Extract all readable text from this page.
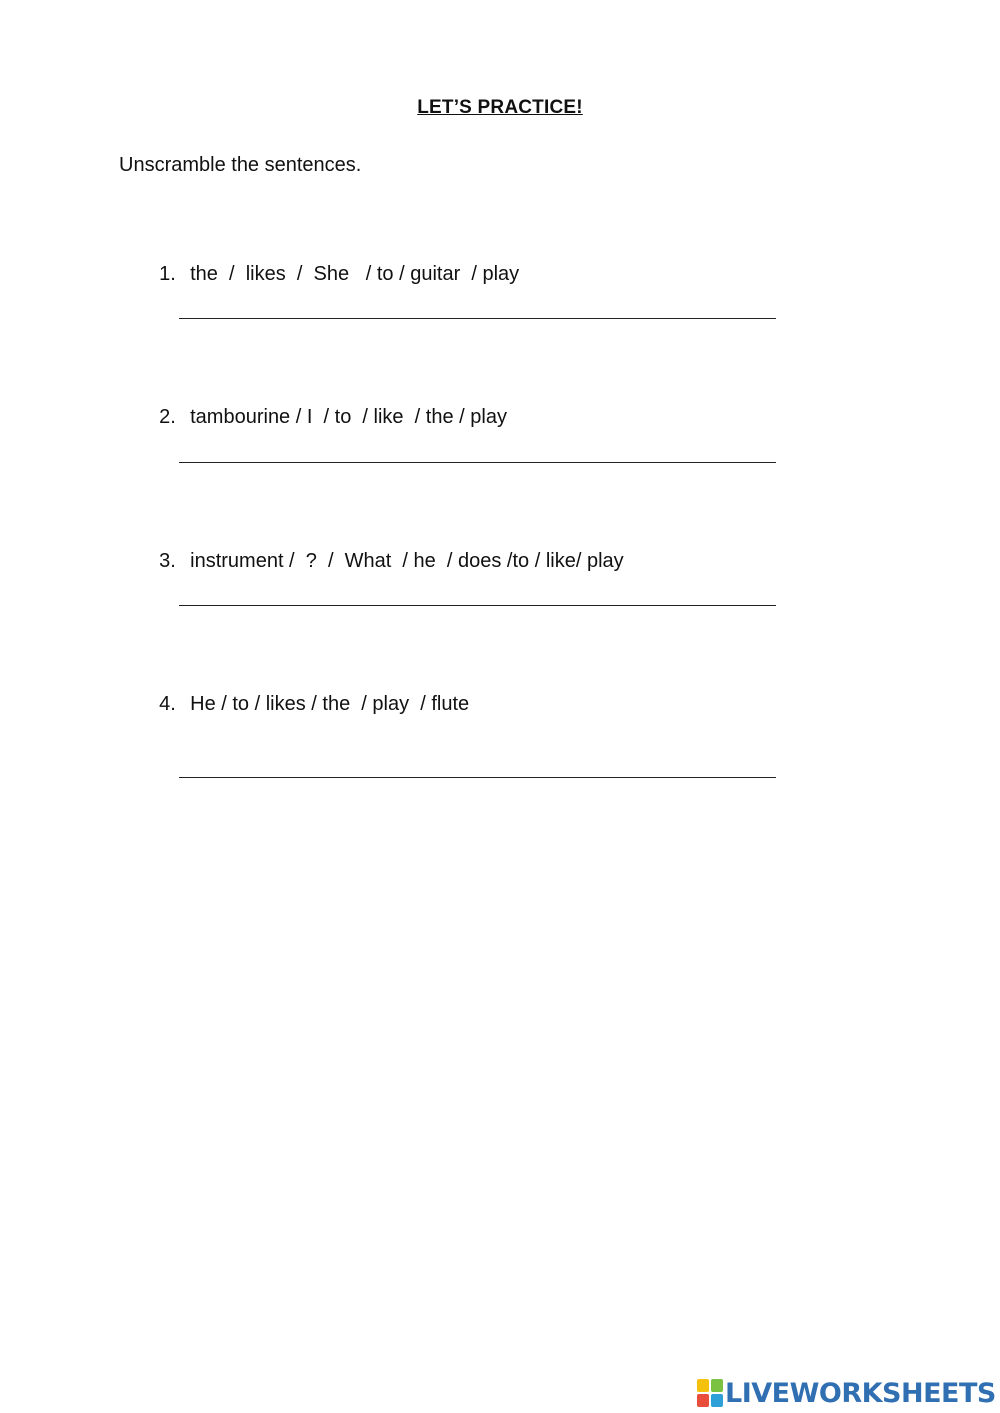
LET’S PRACTICE!
Unscramble the sentences.

1. the  /  likes  /  She   / to / guitar  / play

2. tambourine / I  / to  / like  / the / play

3. instrument /  ?  /  What  / he  / does /to / like/ play

4. He / to / likes / the  / play  / flute

LIVEWORKSHEETS
